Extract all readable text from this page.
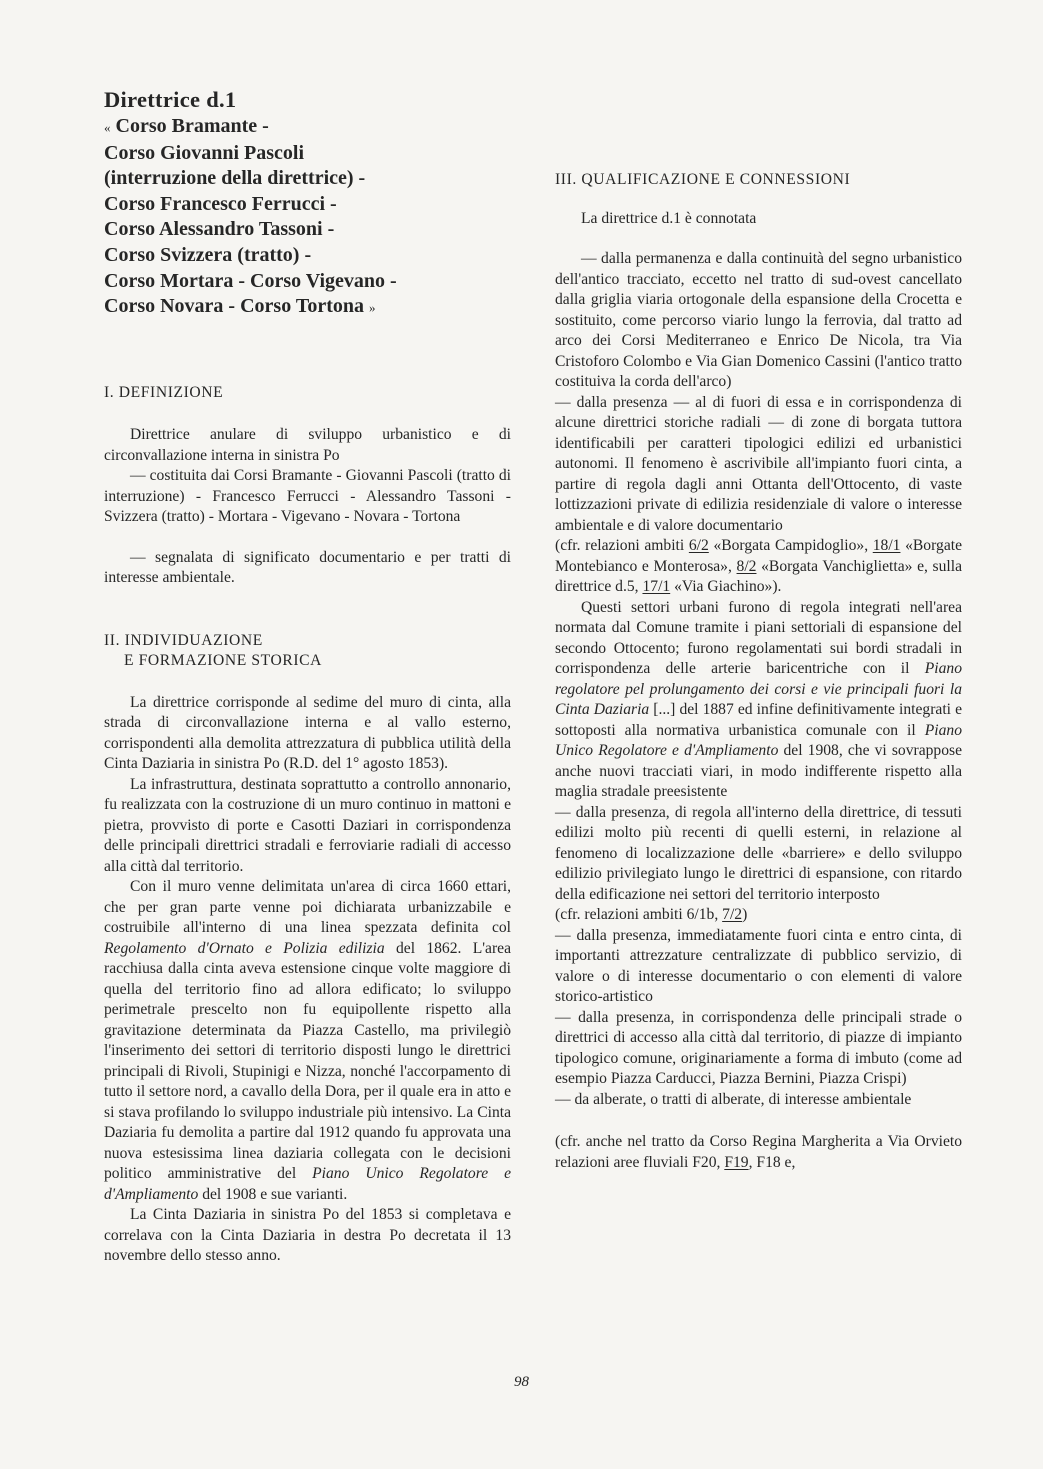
Direttrice d.1

« Corso Bramante -

Corso Giovanni Pascoli

(interruzione della direttrice) -

Corso Francesco Ferrucci -

Corso Alessandro Tassoni -

Corso Svizzera (tratto) -

Corso Mortara - Corso Vigevano -

Corso Novara - Corso Tortona »

I. DEFINIZIONE

Direttrice anulare di sviluppo urbanistico e di circonvallazione interna in sinistra Po

— costituita dai Corsi Bramante - Giovanni Pascoli (tratto di interruzione) - Francesco Ferrucci - Alessandro Tassoni - Svizzera (tratto) - Mortara - Vigevano - Novara - Tortona

— segnalata di significato documentario e per tratti di interesse ambientale.

II. INDIVIDUAZIONE

E FORMAZIONE STORICA

La direttrice corrisponde al sedime del muro di cinta, alla strada di circonvallazione interna e al vallo esterno, corrispondenti alla demolita attrezzatura di pubblica utilità della Cinta Daziaria in sinistra Po (R.D. del 1° agosto 1853).

La infrastruttura, destinata soprattutto a controllo annonario, fu realizzata con la costruzione di un muro continuo in mattoni e pietra, provvisto di porte e Casotti Daziari in corrispondenza delle principali direttrici stradali e ferroviarie radiali di accesso alla città dal territorio.

Con il muro venne delimitata un'area di circa 1660 ettari, che per gran parte venne poi dichiarata urbanizzabile e costruibile all'interno di una linea spezzata definita col Regolamento d'Ornato e Polizia edilizia del 1862. L'area racchiusa dalla cinta aveva estensione cinque volte maggiore di quella del territorio fino ad allora edificato; lo sviluppo perimetrale prescelto non fu equipollente rispetto alla gravitazione determinata da Piazza Castello, ma privilegiò l'inserimento dei settori di territorio disposti lungo le direttrici principali di Rivoli, Stupinigi e Nizza, nonché l'accorpamento di tutto il settore nord, a cavallo della Dora, per il quale era in atto e si stava profilando lo sviluppo industriale più intensivo. La Cinta Daziaria fu demolita a partire dal 1912 quando fu approvata una nuova estesissima linea daziaria collegata con le decisioni politico amministrative del Piano Unico Regolatore e d'Ampliamento del 1908 e sue varianti.

La Cinta Daziaria in sinistra Po del 1853 si completava e correlava con la Cinta Daziaria in destra Po decretata il 13 novembre dello stesso anno.

III. QUALIFICAZIONE E CONNESSIONI

La direttrice d.1 è connotata

— dalla permanenza e dalla continuità del segno urbanistico dell'antico tracciato, eccetto nel tratto di sud-ovest cancellato dalla griglia viaria ortogonale della espansione della Crocetta e sostituito, come percorso viario lungo la ferrovia, dal tratto ad arco dei Corsi Mediterraneo e Enrico De Nicola, tra Via Cristoforo Colombo e Via Gian Domenico Cassini (l'antico tratto costituiva la corda dell'arco)

— dalla presenza — al di fuori di essa e in corrispondenza di alcune direttrici storiche radiali — di zone di borgata tuttora identificabili per caratteri tipologici edilizi ed urbanistici autonomi. Il fenomeno è ascrivibile all'impianto fuori cinta, a partire di regola dagli anni Ottanta dell'Ottocento, di vaste lottizzazioni private di edilizia residenziale di valore o interesse ambientale e di valore documentario

(cfr. relazioni ambiti 6/2 «Borgata Campidoglio», 18/1 «Borgate Montebianco e Monterosa», 8/2 «Borgata Vanchiglietta» e, sulla direttrice d.5, 17/1 «Via Giachino»).

Questi settori urbani furono di regola integrati nell'area normata dal Comune tramite i piani settoriali di espansione del secondo Ottocento; furono regolamentati sui bordi stradali in corrispondenza delle arterie baricentriche con il Piano regolatore pel prolungamento dei corsi e vie principali fuori la Cinta Daziaria [...] del 1887 ed infine definitivamente integrati e sottoposti alla normativa urbanistica comunale con il Piano Unico Regolatore e d'Ampliamento del 1908, che vi sovrappose anche nuovi tracciati viari, in modo indifferente rispetto alla maglia stradale preesistente

— dalla presenza, di regola all'interno della direttrice, di tessuti edilizi molto più recenti di quelli esterni, in relazione al fenomeno di localizzazione delle «barriere» e dello sviluppo edilizio privilegiato lungo le direttrici di espansione, con ritardo della edificazione nei settori del territorio interposto

(cfr. relazioni ambiti 6/1b, 7/2)

— dalla presenza, immediatamente fuori cinta e entro cinta, di importanti attrezzature centralizzate di pubblico servizio, di valore o di interesse documentario o con elementi di valore storico-artistico

— dalla presenza, in corrispondenza delle principali strade o direttrici di accesso alla città dal territorio, di piazze di impianto tipologico comune, originariamente a forma di imbuto (come ad esempio Piazza Carducci, Piazza Bernini, Piazza Crispi)

— da alberate, o tratti di alberate, di interesse ambientale

(cfr. anche nel tratto da Corso Regina Margherita a Via Orvieto relazioni aree fluviali F20, F19, F18 e,

98
